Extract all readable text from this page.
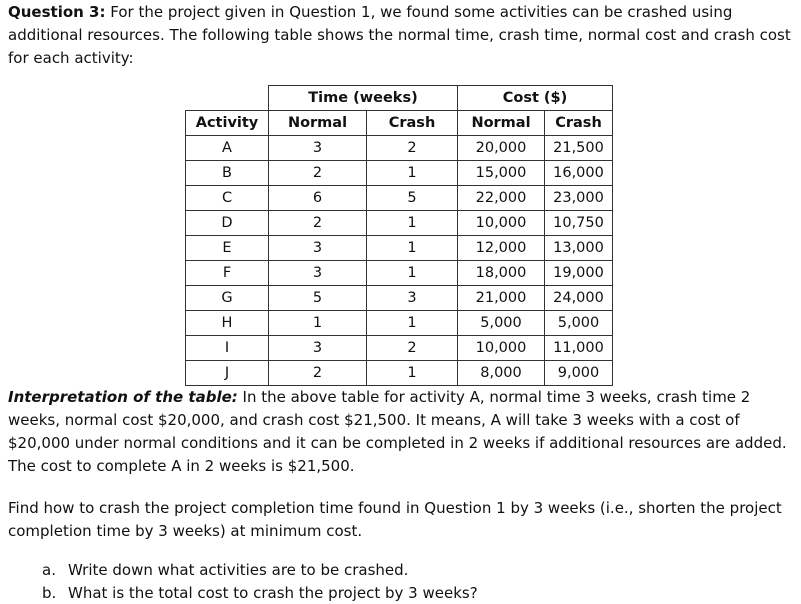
Question 3: For the project given in Question 1, we found some activities can be crashed using additional resources. The following table shows the normal time, crash time, normal cost and crash cost for each activity:

	Time (weeks)		Cost ($)	
Activity	Normal	Crash	Normal	Crash
A	3	2	20,000	21,500
B	2	1	15,000	16,000
C	6	5	22,000	23,000
D	2	1	10,000	10,750
E	3	1	12,000	13,000
F	3	1	18,000	19,000
G	5	3	21,000	24,000
H	1	1	5,000	5,000
I	3	2	10,000	11,000
J	2	1	8,000	9,000

Interpretation of the table: In the above table for activity A, normal time 3 weeks, crash time 2 weeks, normal cost $20,000, and crash cost $21,500. It means, A will take 3 weeks with a cost of $20,000 under normal conditions and it can be completed in 2 weeks if additional resources are added. The cost to complete A in 2 weeks is $21,500.

Find how to crash the project completion time found in Question 1 by 3 weeks (i.e., shorten the project completion time by 3 weeks) at minimum cost.

a. Write down what activities are to be crashed.
b. What is the total cost to crash the project by 3 weeks?
